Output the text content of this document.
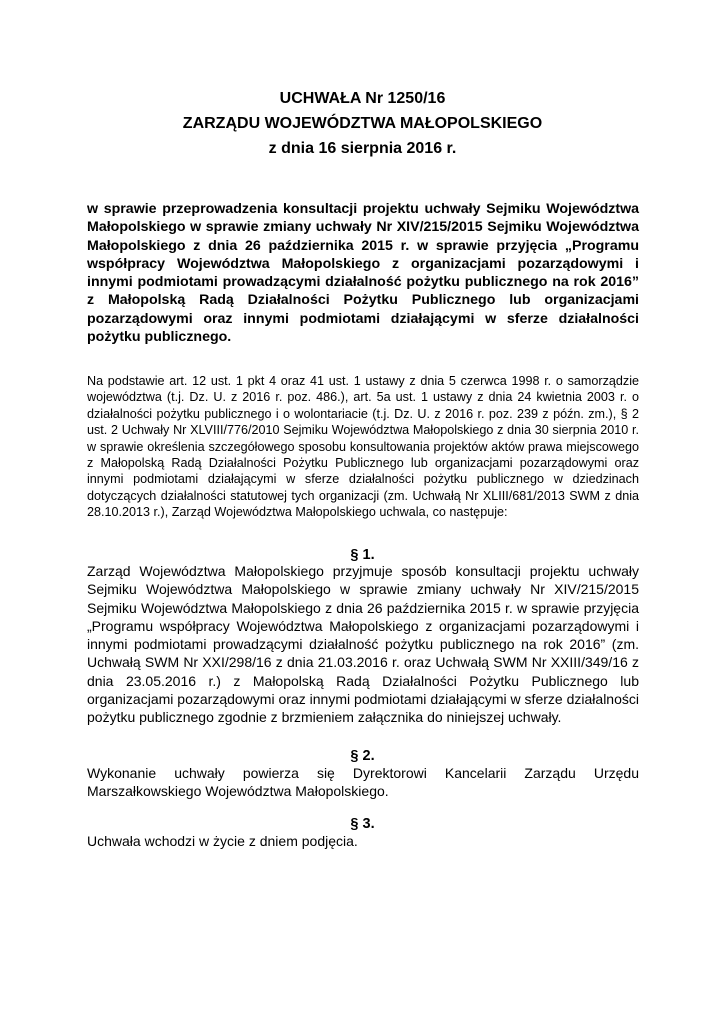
UCHWAŁA Nr 1250/16
ZARZĄDU WOJEWÓDZTWA MAŁOPOLSKIEGO
z dnia 16 sierpnia 2016 r.
w sprawie przeprowadzenia konsultacji projektu uchwały Sejmiku Województwa Małopolskiego w sprawie zmiany uchwały Nr XIV/215/2015 Sejmiku Województwa Małopolskiego z dnia 26 października 2015 r. w sprawie przyjęcia „Programu współpracy Województwa Małopolskiego z organizacjami pozarządowymi i innymi podmiotami prowadzącymi działalność pożytku publicznego na rok 2016” z Małopolską Radą Działalności Pożytku Publicznego lub organizacjami pozarządowymi oraz innymi podmiotami działającymi w sferze działalności pożytku publicznego.
Na podstawie art. 12 ust. 1 pkt 4 oraz 41 ust. 1 ustawy z dnia 5 czerwca 1998 r. o samorządzie województwa (t.j. Dz. U. z 2016 r. poz. 486.), art. 5a ust. 1 ustawy z dnia 24 kwietnia 2003 r. o działalności pożytku publicznego i o wolontariacie (t.j. Dz. U. z 2016 r. poz. 239 z późn. zm.), § 2 ust. 2 Uchwały Nr XLVIII/776/2010 Sejmiku Województwa Małopolskiego z dnia 30 sierpnia 2010 r. w sprawie określenia szczegółowego sposobu konsultowania projektów aktów prawa miejscowego z Małopolską Radą Działalności Pożytku Publicznego lub organizacjami pozarządowymi oraz innymi podmiotami działającymi w sferze działalności pożytku publicznego w dziedzinach dotyczących działalności statutowej tych organizacji (zm. Uchwałą Nr XLIII/681/2013 SWM z dnia 28.10.2013 r.), Zarząd Województwa Małopolskiego uchwala, co następuje:
§ 1.
Zarząd Województwa Małopolskiego przyjmuje sposób konsultacji projektu uchwały Sejmiku Województwa Małopolskiego w sprawie zmiany uchwały Nr XIV/215/2015 Sejmiku Województwa Małopolskiego z dnia 26 października 2015 r. w sprawie przyjęcia „Programu współpracy Województwa Małopolskiego z organizacjami pozarządowymi i innymi podmiotami prowadzącymi działalność pożytku publicznego na rok 2016” (zm. Uchwałą SWM Nr XXI/298/16 z dnia 21.03.2016 r. oraz Uchwałą SWM Nr XXIII/349/16 z dnia 23.05.2016 r.) z Małopolską Radą Działalności Pożytku Publicznego lub organizacjami pozarządowymi oraz innymi podmiotami działającymi w sferze działalności pożytku publicznego zgodnie z brzmieniem załącznika do niniejszej uchwały.
§ 2.
Wykonanie uchwały powierza się Dyrektorowi Kancelarii Zarządu Urzędu Marszałkowskiego Województwa Małopolskiego.
§ 3.
Uchwała wchodzi w życie z dniem podjęcia.
